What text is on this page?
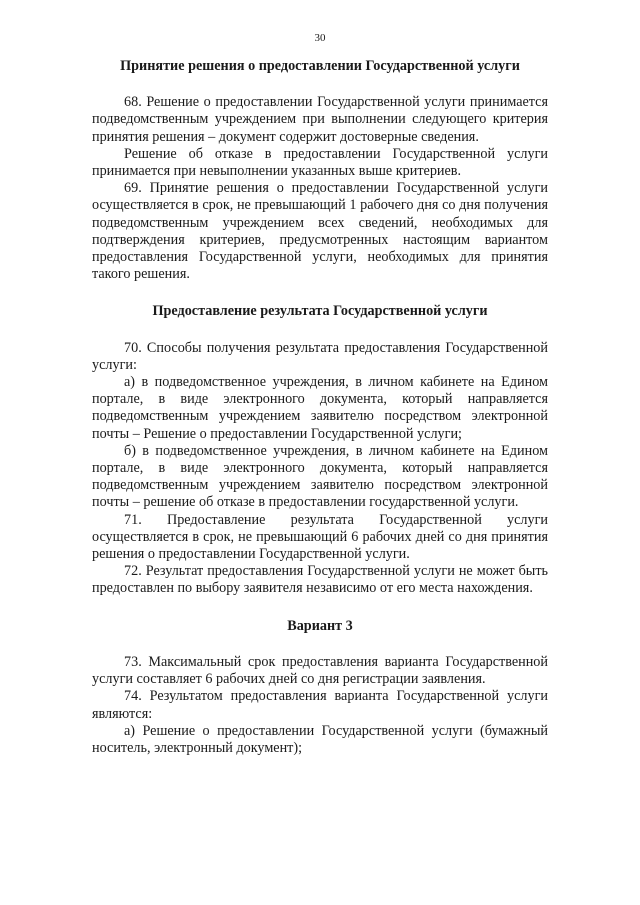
30
Принятие решения о предоставлении Государственной услуги

68. Решение о предоставлении Государственной услуги принимается подведомственным учреждением при выполнении следующего критерия принятия решения – документ содержит достоверные сведения.

Решение об отказе в предоставлении Государственной услуги принимается при невыполнении указанных выше критериев.

69. Принятие решения о предоставлении Государственной услуги осуществляется в срок, не превышающий 1 рабочего дня со дня получения подведомственным учреждением всех сведений, необходимых для подтверждения критериев, предусмотренных настоящим вариантом предоставления Государственной услуги, необходимых для принятия такого решения.

Предоставление результата Государственной услуги

70. Способы получения результата предоставления Государственной услуги:

а) в подведомственное учреждения, в личном кабинете на Едином портале, в виде электронного документа, который направляется подведомственным учреждением заявителю посредством электронной почты – Решение о предоставлении Государственной услуги;

б) в подведомственное учреждения, в личном кабинете на Едином портале, в виде электронного документа, который направляется подведомственным учреждением заявителю посредством электронной почты – решение об отказе в предоставлении государственной услуги.

71. Предоставление результата Государственной услуги осуществляется в срок, не превышающий 6 рабочих дней со дня принятия решения о предоставлении Государственной услуги.

72. Результат предоставления Государственной услуги не может быть предоставлен по выбору заявителя независимо от его места нахождения.

Вариант 3

73. Максимальный срок предоставления варианта Государственной услуги составляет 6 рабочих дней со дня регистрации заявления.

74. Результатом предоставления варианта Государственной услуги являются:

а) Решение о предоставлении Государственной услуги (бумажный носитель, электронный документ);
